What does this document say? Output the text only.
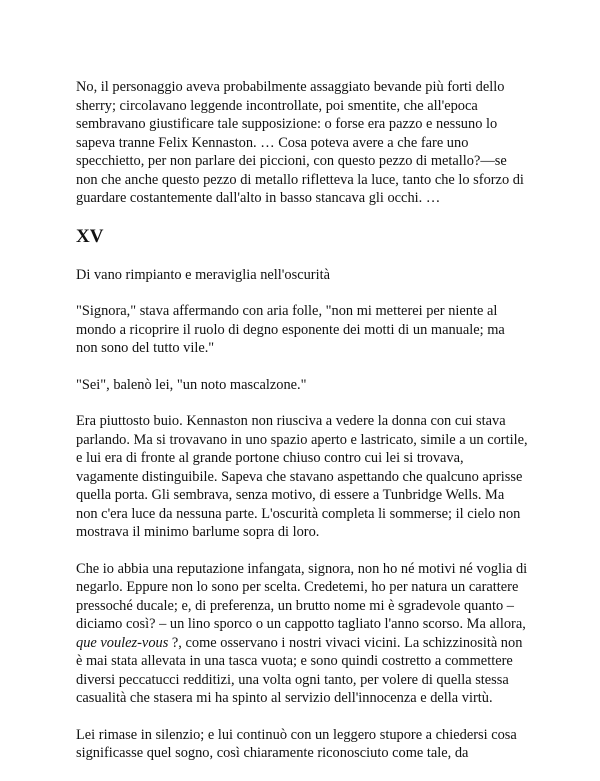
No, il personaggio aveva probabilmente assaggiato bevande più forti dello sherry; circolavano leggende incontrollate, poi smentite, che all'epoca sembravano giustificare tale supposizione: o forse era pazzo e nessuno lo sapeva tranne Felix Kennaston. … Cosa poteva avere a che fare uno specchietto, per non parlare dei piccioni, con questo pezzo di metallo?—se non che anche questo pezzo di metallo rifletteva la luce, tanto che lo sforzo di guardare costantemente dall'alto in basso stancava gli occhi. …

XV

Di vano rimpianto e meraviglia nell'oscurità

"Signora," stava affermando con aria folle, "non mi metterei per niente al mondo a ricoprire il ruolo di degno esponente dei motti di un manuale; ma non sono del tutto vile."

"Sei", balenò lei, "un noto mascalzone."

Era piuttosto buio. Kennaston non riusciva a vedere la donna con cui stava parlando. Ma si trovavano in uno spazio aperto e lastricato, simile a un cortile, e lui era di fronte al grande portone chiuso contro cui lei si trovava, vagamente distinguibile. Sapeva che stavano aspettando che qualcuno aprisse quella porta. Gli sembrava, senza motivo, di essere a Tunbridge Wells. Ma non c'era luce da nessuna parte. L'oscurità completa li sommerse; il cielo non mostrava il minimo barlume sopra di loro.

Che io abbia una reputazione infangata, signora, non ho né motivi né voglia di negarlo. Eppure non lo sono per scelta. Credetemi, ho per natura un carattere pressoché ducale; e, di preferenza, un brutto nome mi è sgradevole quanto – diciamo così? – un lino sporco o un cappotto tagliato l'anno scorso. Ma allora, que voulez-vous ?, come osservano i nostri vivaci vicini. La schizzinosità non è mai stata allevata in una tasca vuota; e sono quindi costretto a commettere diversi peccatucci redditizi, una volta ogni tanto, per volere di quella stessa casualità che stasera mi ha spinto al servizio dell'innocenza e della virtù.

Lei rimase in silenzio; e lui continuò con un leggero stupore a chiedersi cosa significasse quel sogno, così chiaramente riconosciuto come tale, da
